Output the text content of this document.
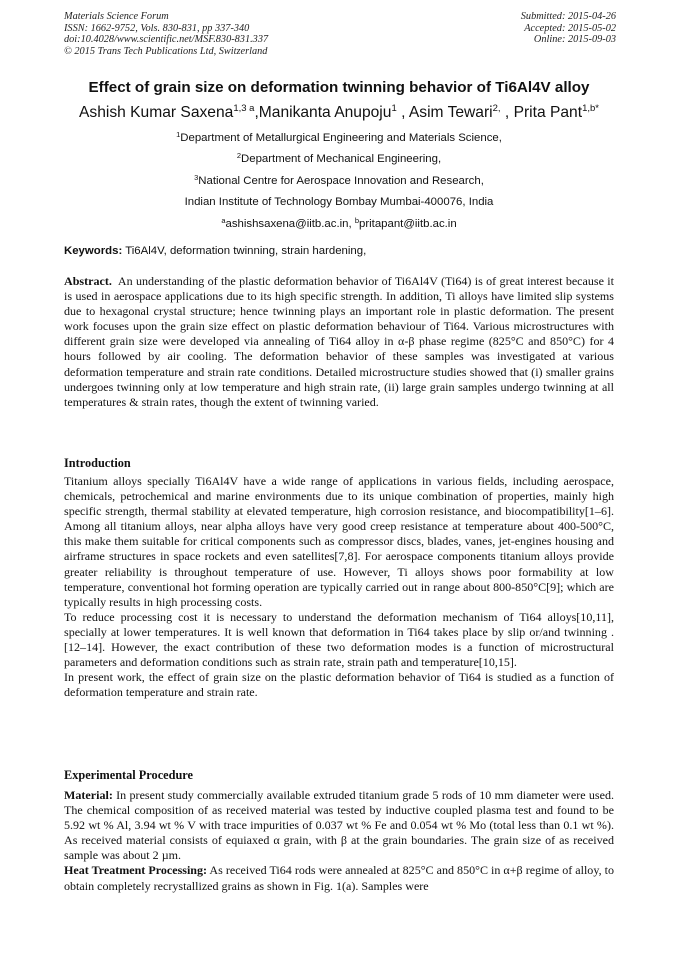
Materials Science Forum
ISSN: 1662-9752, Vols. 830-831, pp 337-340
doi:10.4028/www.scientific.net/MSF.830-831.337
© 2015 Trans Tech Publications Ltd, Switzerland
Submitted: 2015-04-26
Accepted: 2015-05-02
Online: 2015-09-03
Effect of grain size on deformation twinning behavior of Ti6Al4V alloy
Ashish Kumar Saxena$^{1,3 a}$,Manikanta Anupoju$^1$ , Asim Tewari$^{2,}$ , Prita Pant$^{1,b*}$
$^1$Department of Metallurgical Engineering and Materials Science,
$^2$Department of Mechanical Engineering,
$^3$National Centre for Aerospace Innovation and Research,
Indian Institute of Technology Bombay Mumbai-400076, India
$^a$ashishsaxena@iitb.ac.in, $^b$pritapant@iitb.ac.in
Keywords: Ti6Al4V, deformation twinning, strain hardening,

Abstract. An understanding of the plastic deformation behavior of Ti6Al4V (Ti64) is of great interest because it is used in aerospace applications due to its high specific strength. In addition, Ti alloys have limited slip systems due to hexagonal crystal structure; hence twinning plays an important role in plastic deformation. The present work focuses upon the grain size effect on plastic deformation behaviour of Ti64. Various microstructures with different grain size were developed via annealing of Ti64 alloy in α-β phase regime (825°C and 850°C) for 4 hours followed by air cooling. The deformation behavior of these samples was investigated at various deformation temperature and strain rate conditions. Detailed microstructure studies showed that (i) smaller grains undergoes twinning only at low temperature and high strain rate, (ii) large grain samples undergo twinning at all temperatures & strain rates, though the extent of twinning varied.

Introduction

Titanium alloys specially Ti6Al4V have a wide range of applications in various fields, including aerospace, chemicals, petrochemical and marine environments due to its unique combination of properties, mainly high specific strength, thermal stability at elevated temperature, high corrosion resistance, and biocompatibility[1–6]. Among all titanium alloys, near alpha alloys have very good creep resistance at temperature about 400-500°C, this make them suitable for critical components such as compressor discs, blades, vanes, jet-engines housing and airframe structures in space rockets and even satellites[7,8]. For aerospace components titanium alloys provide greater reliability is throughout temperature of use. However, Ti alloys shows poor formability at low temperature, conventional hot forming operation are typically carried out in range about 800-850°C[9]; which are typically results in high processing costs.

To reduce processing cost it is necessary to understand the deformation mechanism of Ti64 alloys[10,11], specially at lower temperatures. It is well known that deformation in Ti64 takes place by slip or/and twinning .[12–14]. However, the exact contribution of these two deformation modes is a function of microstructural parameters and deformation conditions such as strain rate, strain path and temperature[10,15].

In present work, the effect of grain size on the plastic deformation behavior of Ti64 is studied as a function of deformation temperature and strain rate.

Experimental Procedure

Material: In present study commercially available extruded titanium grade 5 rods of 10 mm diameter were used. The chemical composition of as received material was tested by inductive coupled plasma test and found to be 5.92 wt % Al, 3.94 wt % V with trace impurities of 0.037 wt % Fe and 0.054 wt % Mo (total less than 0.1 wt %). As received material consists of equiaxed α grain, with β at the grain boundaries. The grain size of as received sample was about 2 µm.

Heat Treatment Processing: As received Ti64 rods were annealed at 825°C and 850°C in α+β regime of alloy, to obtain completely recrystallized grains as shown in Fig. 1(a). Samples were
